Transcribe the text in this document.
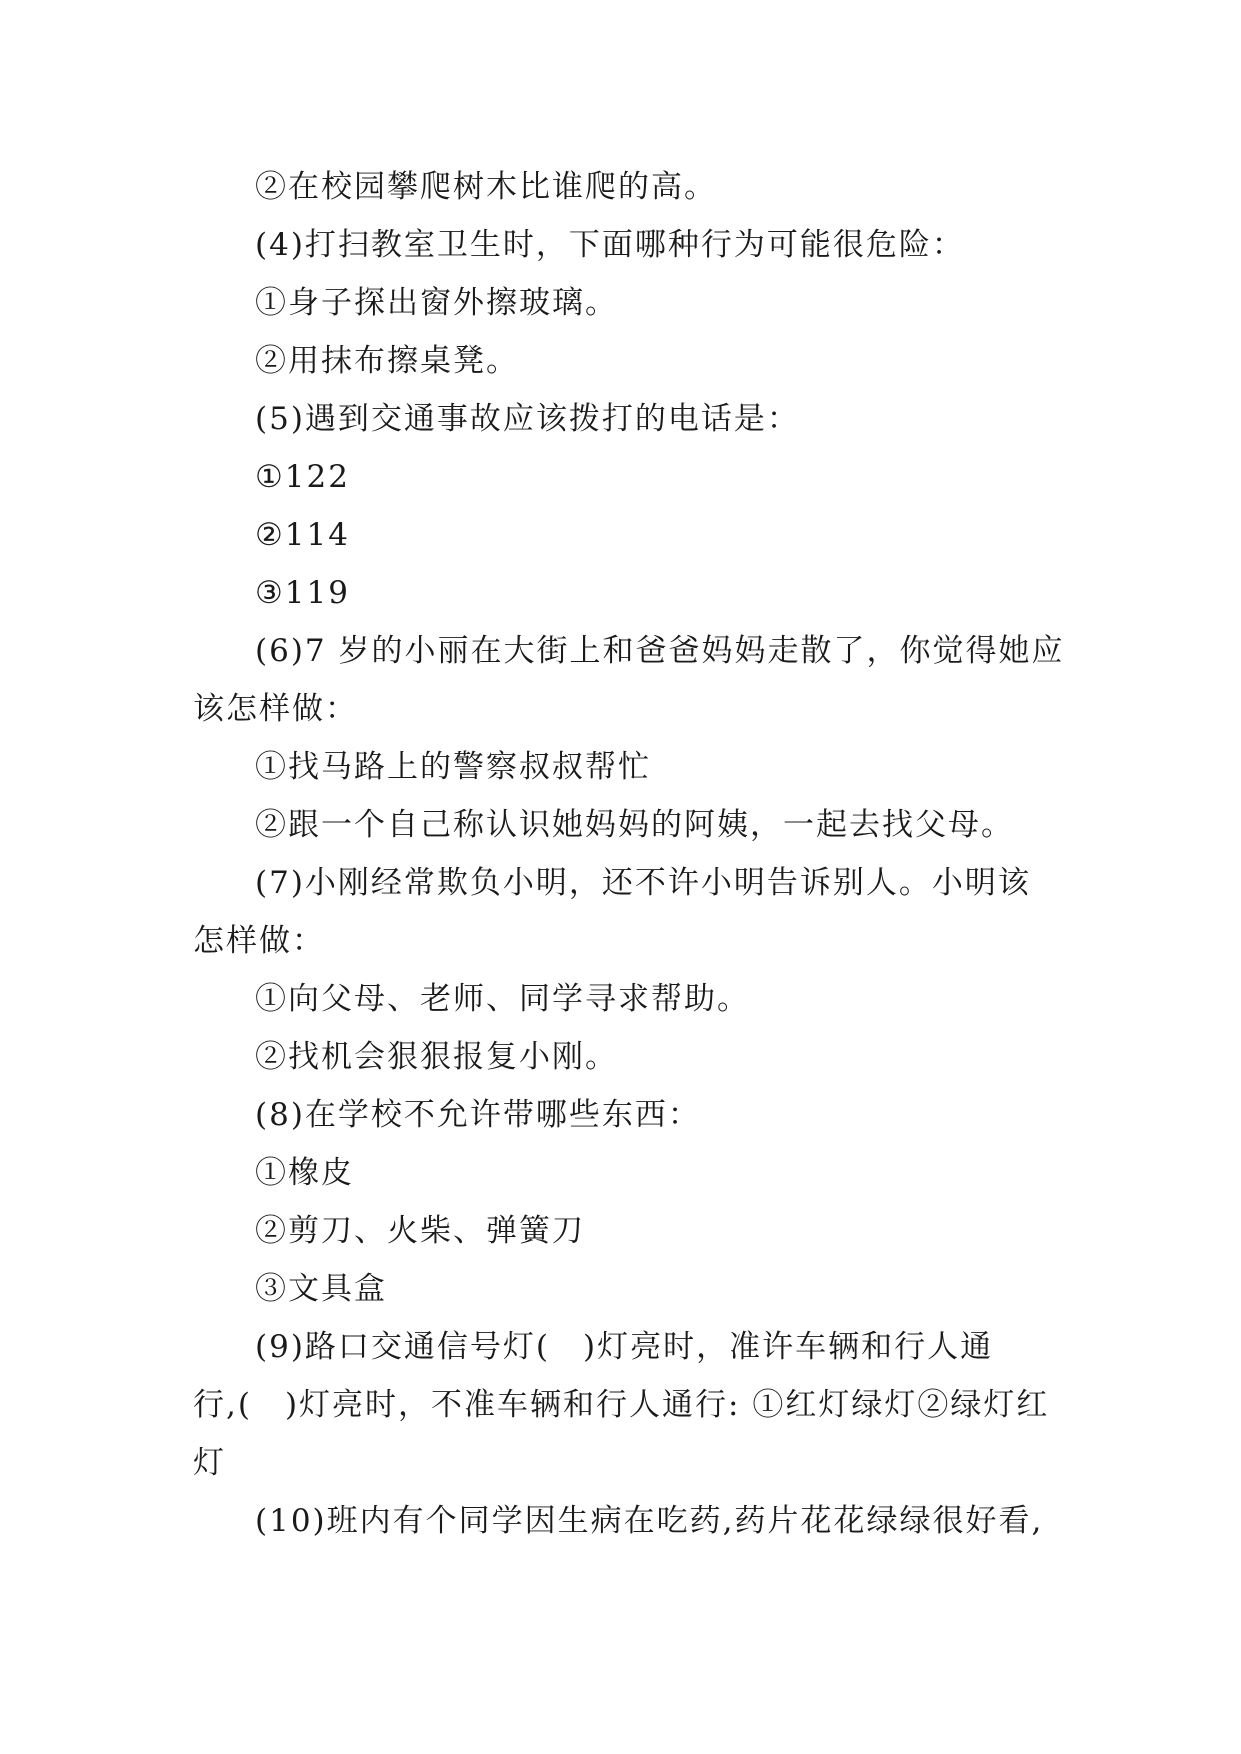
②在校园攀爬树木比谁爬的高。
(4)打扫教室卫生时，下面哪种行为可能很危险：
①身子探出窗外擦玻璃。
②用抹布擦桌凳。
(5)遇到交通事故应该拨打的电话是：
①122
②114
③119
(6)7 岁的小丽在大街上和爸爸妈妈走散了，你觉得她应
该怎样做：
①找马路上的警察叔叔帮忙
②跟一个自己称认识她妈妈的阿姨，一起去找父母。
(7)小刚经常欺负小明，还不许小明告诉别人。小明该
怎样做：
①向父母、老师、同学寻求帮助。
②找机会狠狠报复小刚。
(8)在学校不允许带哪些东西：
①橡皮
②剪刀、火柴、弹簧刀
③文具盒
(9)路口交通信号灯(　)灯亮时，准许车辆和行人通
行,(　)灯亮时，不准车辆和行人通行: ①红灯绿灯②绿灯红
灯
(10)班内有个同学因生病在吃药,药片花花绿绿很好看,
